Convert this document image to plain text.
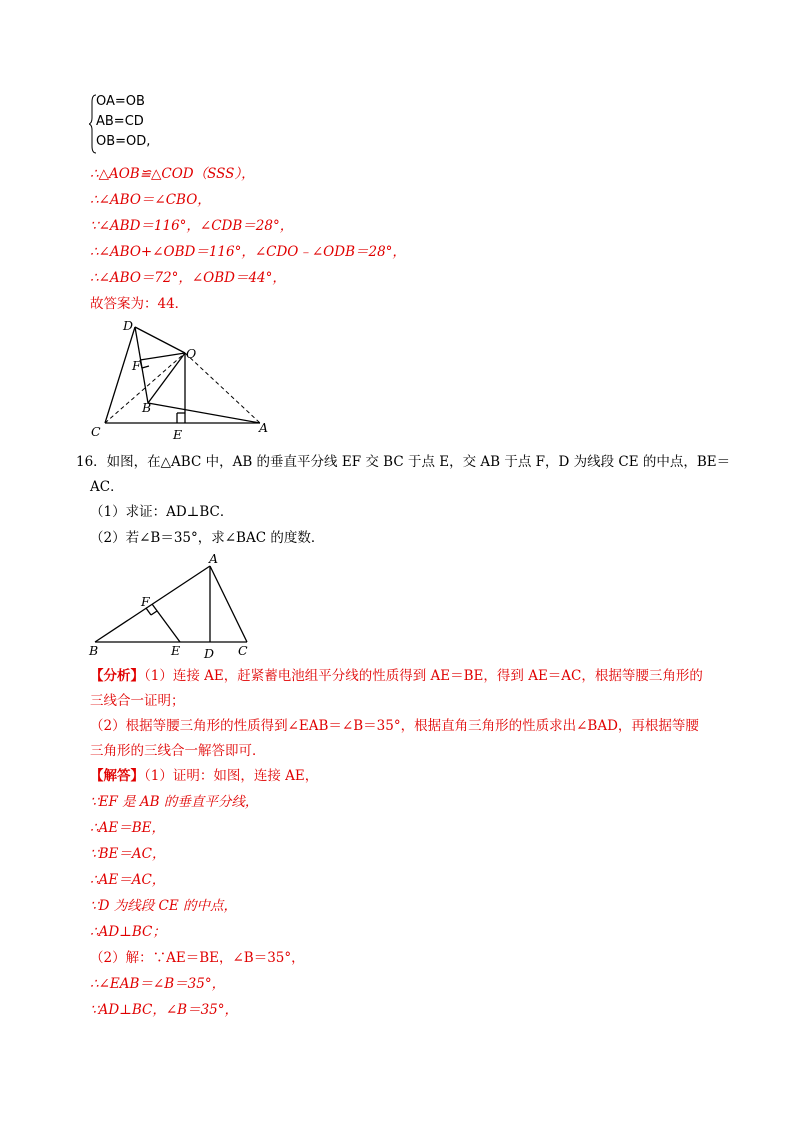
OA=OB
AB=CD
OB=OD,
∴△AOB≌△COD（SSS），
∴∠ABO＝∠CBO，
∵∠ABD＝116°，∠CDB＝28°，
∴∠ABO+∠OBD＝116°，∠CDO﹣∠ODB＝28°，
∴∠ABO＝72°，∠OBD＝44°，
故答案为：44．
D
F
O
B
C	E	A
16．如图，在△ABC 中，AB 的垂直平分线 EF 交 BC 于点 E，交 AB 于点 F，D 为线段 CE 的中点，BE＝
AC．
（1）求证：AD⊥BC．
（2）若∠B＝35°，求∠BAC 的度数．
A
F
B	E D C
【分析】（1）连接 AE，赶紧蓄电池组平分线的性质得到 AE＝BE，得到 AE＝AC，根据等腰三角形的
三线合一证明；
（2）根据等腰三角形的性质得到∠EAB＝∠B＝35°，根据直角三角形的性质求出∠BAD，再根据等腰
三角形的三线合一解答即可．
【解答】（1）证明：如图，连接 AE，
∵EF 是 AB 的垂直平分线，
∴AE＝BE，
∵BE＝AC，
∴AE＝AC，
∵D 为线段 CE 的中点，
∴AD⊥BC；
（2）解：∵AE＝BE，∠B＝35°，
∴∠EAB＝∠B＝35°，
∵AD⊥BC，∠B＝35°，
